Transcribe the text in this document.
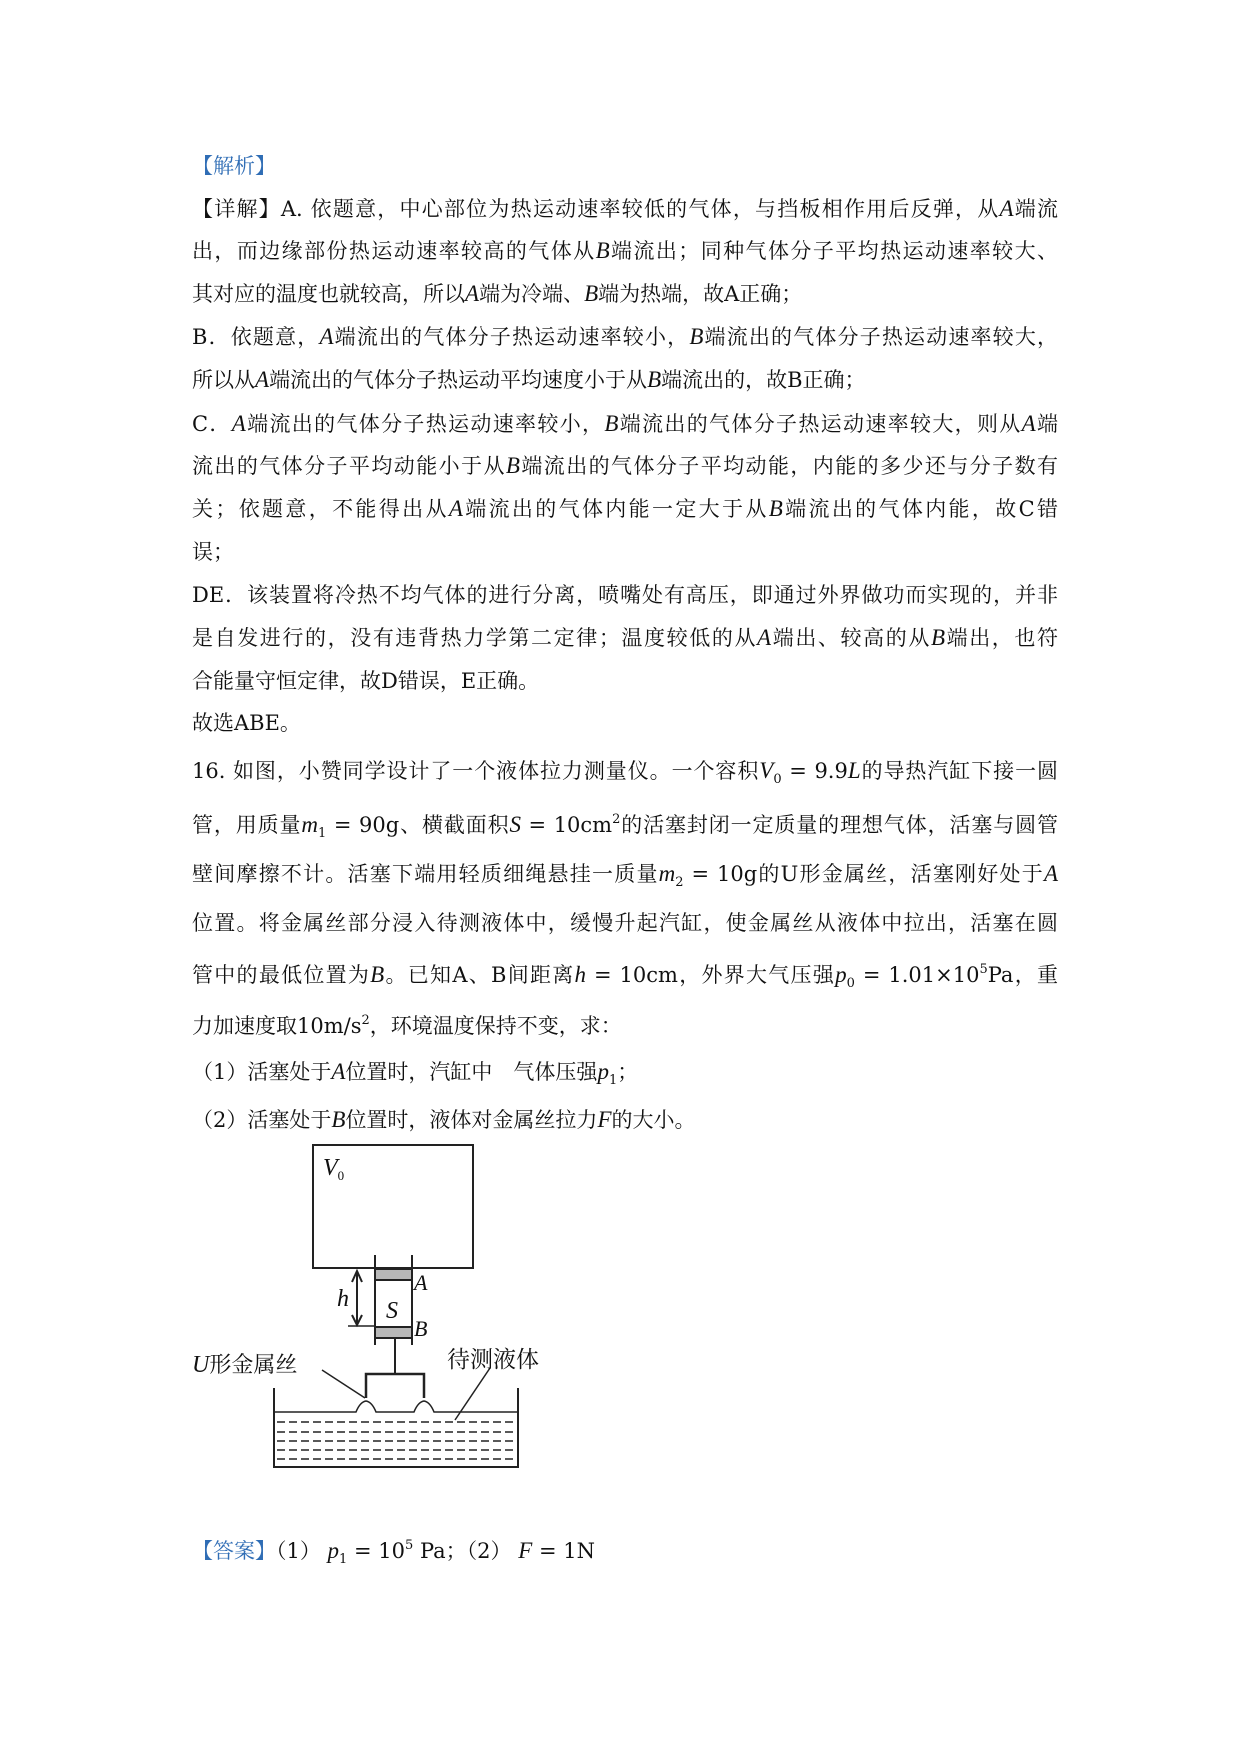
【解析】
【详解】A. 依题意，中心部位为热运动速率较低的气体，与挡板相作用后反弹，从A端流
出，而边缘部份热运动速率较高的气体从B端流出；同种气体分子平均热运动速率较大、
其对应的温度也就较高，所以A端为冷端、B端为热端，故A正确；
B．依题意，A端流出的气体分子热运动速率较小，B端流出的气体分子热运动速率较大，
所以从A端流出的气体分子热运动平均速度小于从B端流出的，故B正确；
C．A端流出的气体分子热运动速率较小，B端流出的气体分子热运动速率较大，则从A端
流出的气体分子平均动能小于从B端流出的气体分子平均动能，内能的多少还与分子数有
关；依题意，不能得出从A端流出的气体内能一定大于从B端流出的气体内能，故C错
误；
DE．该装置将冷热不均气体的进行分离，喷嘴处有高压，即通过外界做功而实现的，并非
是自发进行的，没有违背热力学第二定律；温度较低的从A端出、较高的从B端出，也符
合能量守恒定律，故D错误，E正确。
故选ABE。
16. 如图，小赞同学设计了一个液体拉力测量仪。一个容积$V_0 = 9.9L$的导热汽缸下接一圆
管，用质量$m_1 = 90g$、横截面积$S = 10cm^2$的活塞封闭一定质量的理想气体，活塞与圆管
壁间摩擦不计。活塞下端用轻质细绳悬挂一质量$m_2 = 10g$的U形金属丝，活塞刚好处于A
位置。将金属丝部分浸入待测液体中，缓慢升起汽缸，使金属丝从液体中拉出，活塞在圆
管中的最低位置为B。已知A、B间距离h = 10cm，外界大气压强$p_0 = 1.01\times 10^5Pa$，重
力加速度取$10m/s^2$，环境温度保持不变，求：
（1）活塞处于A位置时，汽缸中　气体压强$p_1$；
（2）活塞处于B位置时，液体对金属丝拉力F的大小。
【答案】（1） $p_1 = 10^5$ Pa；（2） F = 1N
$V_0$
h
A
S
B
U形金属丝	待测液体
